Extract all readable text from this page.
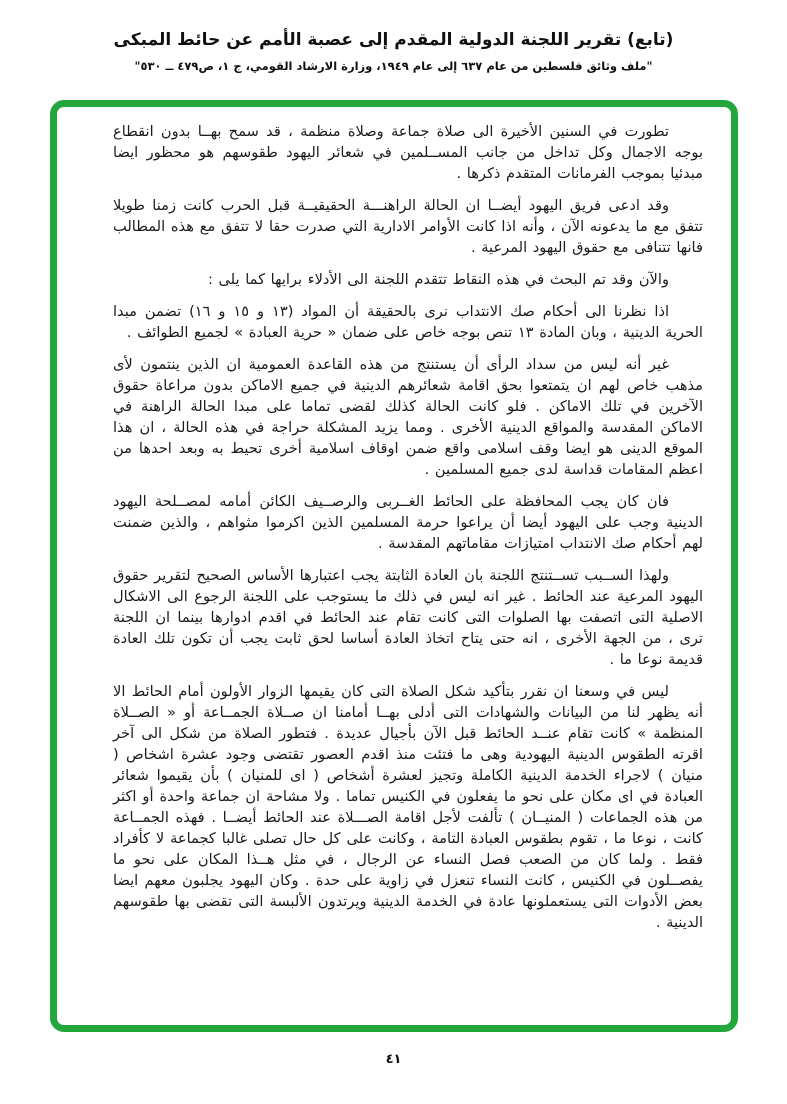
(تابع) تقرير اللجنة الدولية المقدم إلى عصبة الأمم عن حائط المبكى
"ملف وثائق فلسطين من عام ٦٣٧ إلى عام ١٩٤٩، وزارة الارشاد القومي، ج ١، ص٤٧٩ ــ ٥٣٠"

تطورت في السنين الأخيرة الى صلاة جماعة وصلاة منظمة ، قد سمح بهــا بدون انقطاع بوجه الاجمال وكل تداخل من جانب المســلمين في شعائر اليهود طقوسهم هو محظور ايضا مبدئيا بموجب الفرمانات المتقدم ذكرها .

وقد ادعى فريق اليهود أيضــا ان الحالة الراهنـــة الحقيقيــة قبل الحرب كانت زمنا طويلا تتفق مع ما يدعونه الآن ، وأنه اذا كانت الأوامر الادارية التي صدرت حقا لا تتفق مع هذه المطالب فانها تتنافى مع حقوق اليهود المرعية .

والآن وقد تم البحث في هذه النقاط تتقدم اللجنة الى الأدلاء برايها كما يلى :

اذا نظرنا الى أحكام صك الانتداب نرى بالحقيقة أن المواد (١٣ و ١٥ و ١٦) تضمن مبدا الحرية الدينية ، وبان المادة ١٣ تنص بوجه خاص على ضمان « حرية العبادة » لجميع الطوائف .

غير أنه ليس من سداد الرأى أن يستنتج من هذه القاعدة العمومية ان الذين ينتمون لأى مذهب خاص لهم ان يتمتعوا بحق اقامة شعائرهم الدينية في جميع الاماكن بدون مراعاة حقوق الآخرين في تلك الاماكن . فلو كانت الحالة كذلك لقضى تماما على مبدا الحالة الراهنة في الاماكن المقدسة والمواقع الدينية الأخرى . ومما يزيد المشكلة حراجة في هذه الحالة ، ان هذا الموقع الدينى هو ايضا وقف اسلامى واقع ضمن اوقاف اسلامية أخرى تحيط به وبعد احدها من اعظم المقامات قداسة لدى جميع المسلمين .

فان كان يجب المحافظة على الحائط الغــربى والرصــيف الكائن أمامه لمصــلحة اليهود الدينية وجب على اليهود أيضا أن يراعوا حرمة المسلمين الذين اكرموا مثواهم ، والذين ضمنت لهم أحكام صك الانتداب امتيازات مقاماتهم المقدسة .

ولهذا الســبب تســتنتج اللجنة بان العادة الثابتة يجب اعتبارها الأساس الصحيح لتقرير حقوق اليهود المرعية عند الحائط . غير انه ليس في ذلك ما يستوجب على اللجنة الرجوع الى الاشكال الاصلية التى اتصفت بها الصلوات التى كانت تقام عند الحائط في اقدم ادوارها بينما ان اللجنة ترى ، من الجهة الأخرى ، انه حتى يتاح اتخاذ العادة أساسا لحق ثابت يجب أن تكون تلك العادة قديمة نوعا ما .

ليس في وسعنا ان نقرر بتأكيد شكل الصلاة التى كان يقيمها الزوار الأولون أمام الحائط الا أنه يظهر لنا من البيانات والشهادات التى أدلى بهــا أمامنا ان صــلاة الجمــاعة أو « الصــلاة المنظمة » كانت تقام عنــد الحائط قبل الآن بأجيال عديدة . فتطور الصلاة من شكل الى آخر اقرته الطقوس الدينية اليهودية وهى ما فتئت منذ اقدم العصور تقتضى وجود عشرة اشخاص ( منيان ) لاجراء الخدمة الدينية الكاملة وتجيز لعشرة أشخاص ( اى للمنيان ) بأن يقيموا شعائر العبادة في اى مكان على نحو ما يفعلون في الكنيس تماما . ولا مشاحة ان جماعة واحدة أو اكثر من هذه الجماعات ( المنيــان ) تألفت لأجل اقامة الصـــلاة عند الحائط أيضــا . فهذه الجمــاعة كانت ، نوعا ما ، تقوم بطقوس العبادة التامة ، وكانت على كل حال تصلى غالبا كجماعة لا كأفراد فقط . ولما كان من الصعب فصل النساء عن الرجال ، في مثل هــذا المكان على نحو ما يفصــلون في الكنيس ، كانت النساء تنعزل في زاوية على حدة . وكان اليهود يجلبون معهم ايضا بعض الأدوات التى يستعملونها عادة في الخدمة الدينية ويرتدون الألبسة التى تقضى بها طقوسهم الدينية .

٤١
